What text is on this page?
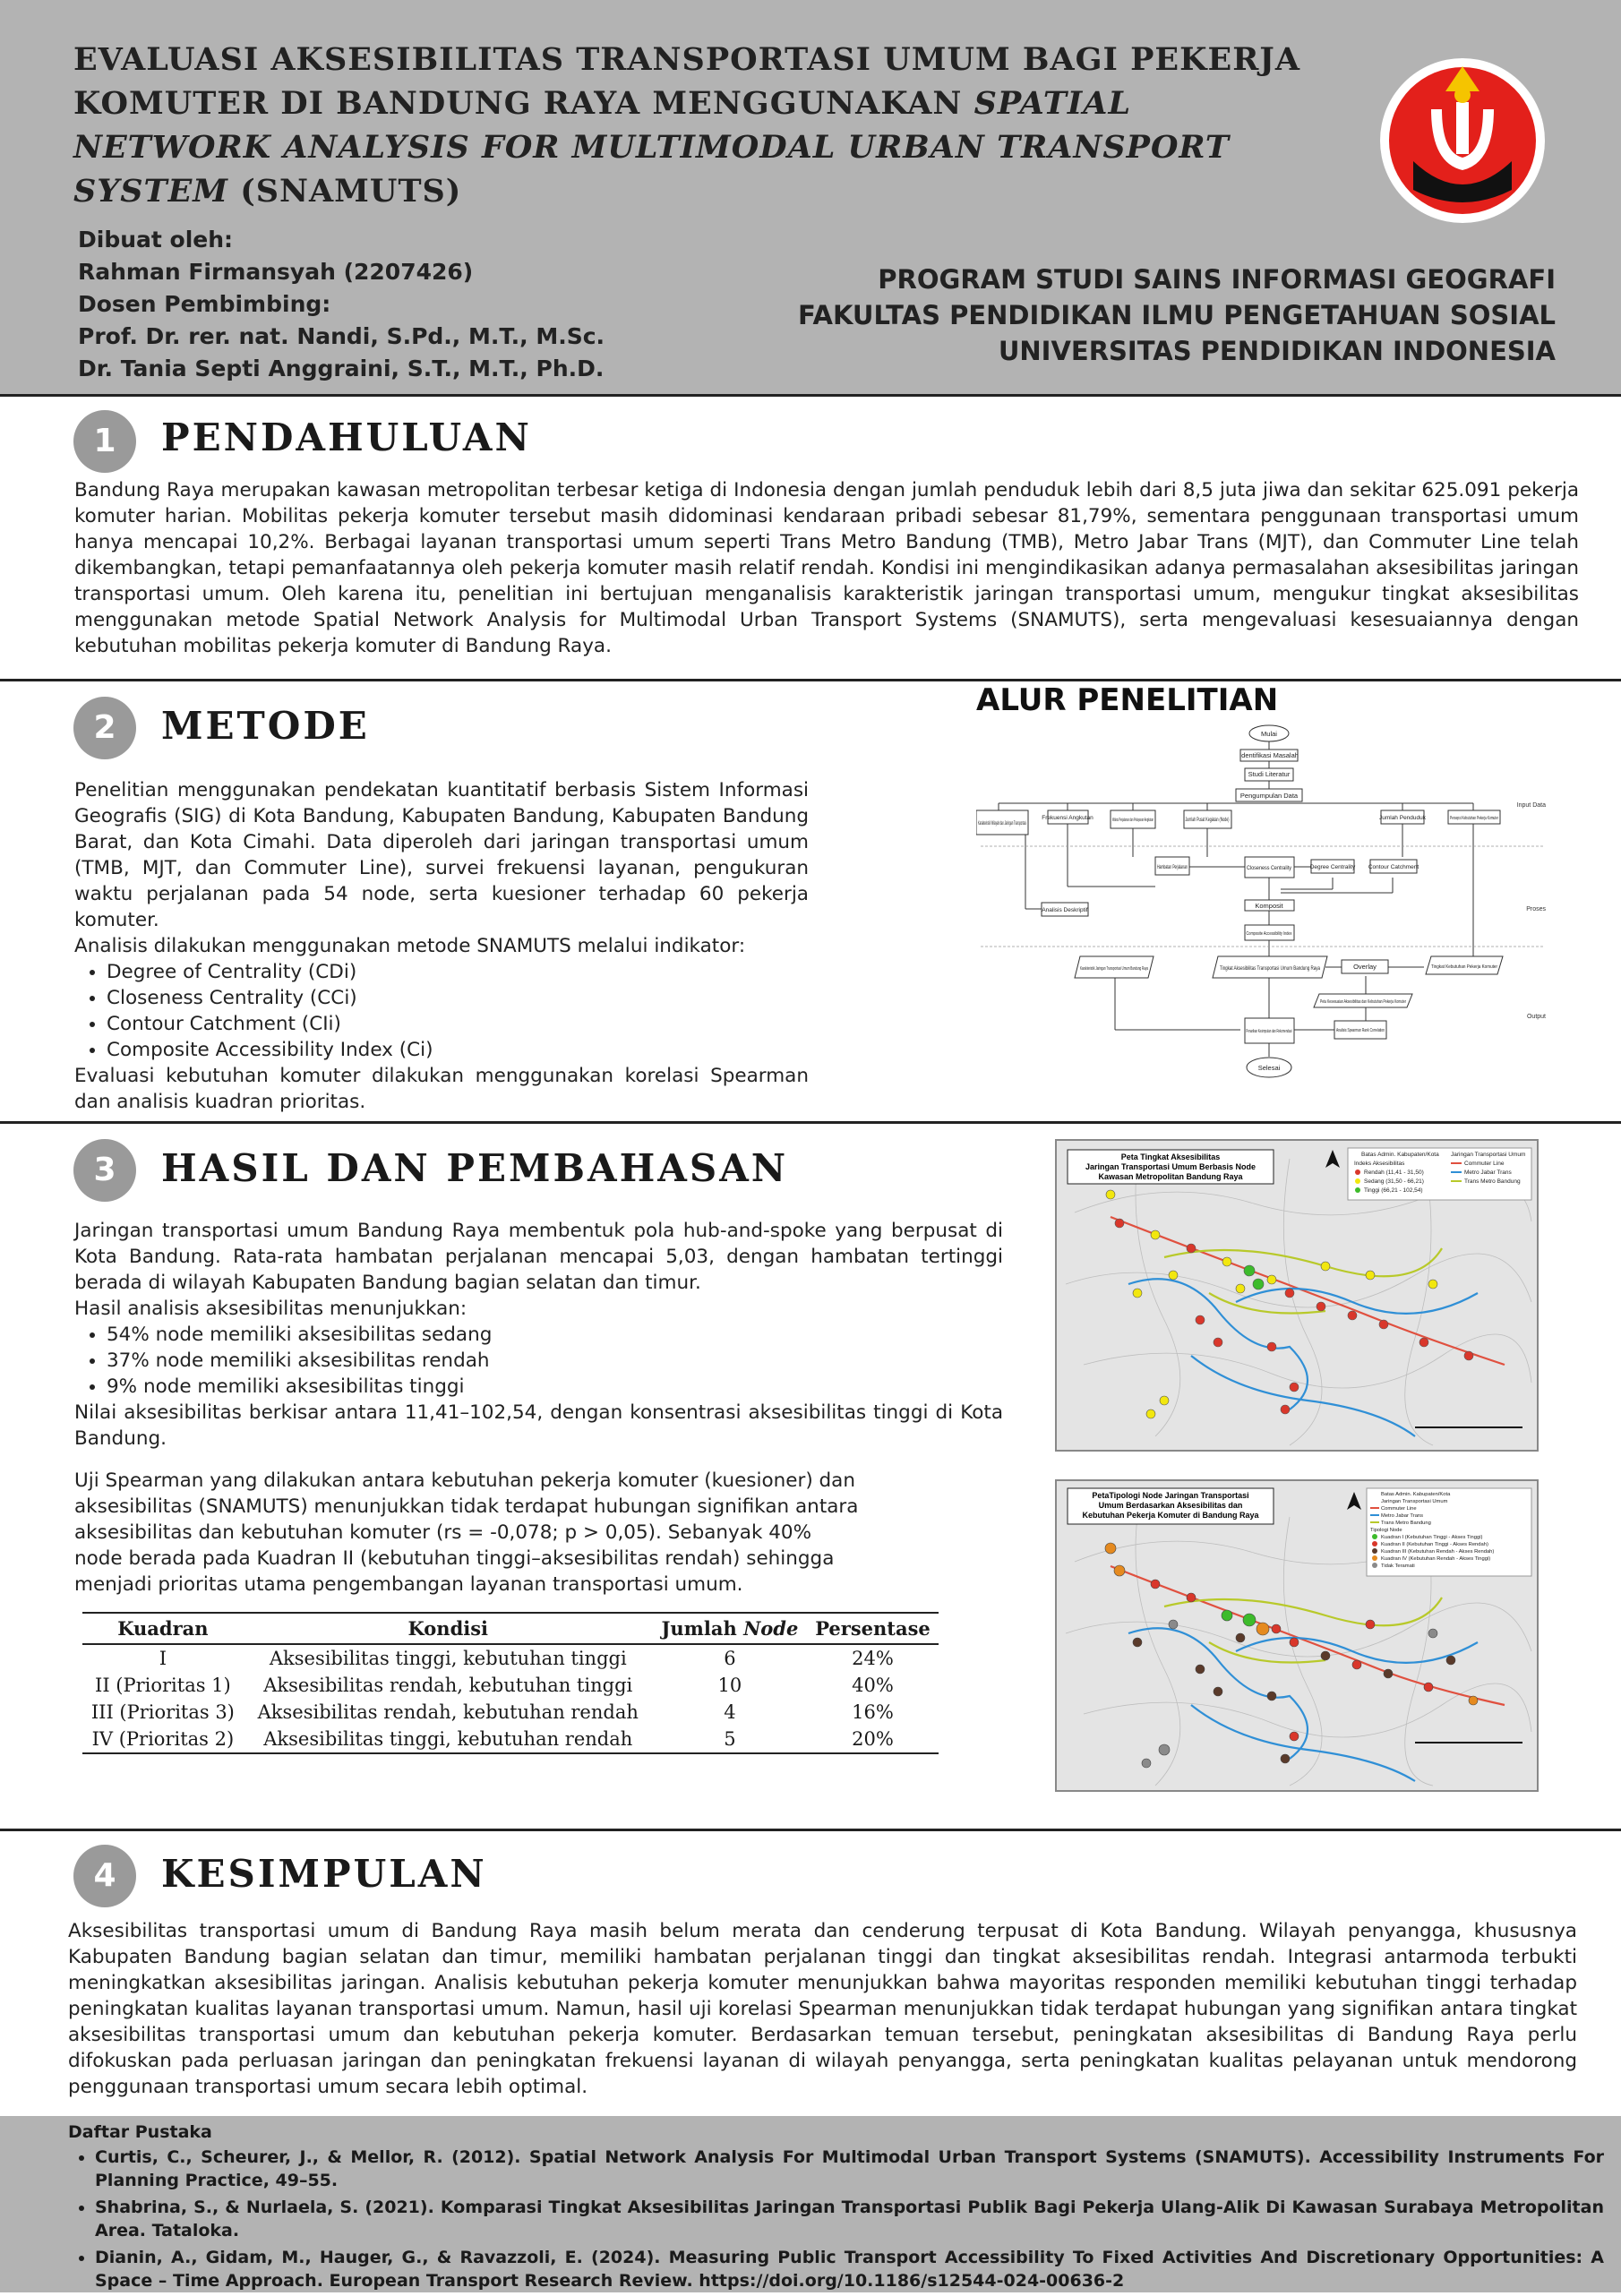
EVALUASI AKSESIBILITAS TRANSPORTASI UMUM BAGI PEKERJA KOMUTER DI BANDUNG RAYA MENGGUNAKAN SPATIAL NETWORK ANALYSIS FOR MULTIMODAL URBAN TRANSPORT SYSTEM (SNAMUTS)
Dibuat oleh:
Rahman Firmansyah (2207426)
Dosen Pembimbing:
Prof. Dr. rer. nat. Nandi, S.Pd., M.T., M.Sc.
Dr. Tania Septi Anggraini, S.T., M.T., Ph.D.
PROGRAM STUDI SAINS INFORMASI GEOGRAFI
FAKULTAS PENDIDIKAN ILMU PENGETAHUAN SOSIAL
UNIVERSITAS PENDIDIKAN INDONESIA
1	PENDAHULUAN
Bandung Raya merupakan kawasan metropolitan terbesar ketiga di Indonesia dengan jumlah penduduk lebih dari 8,5 juta jiwa dan sekitar 625.091 pekerja komuter harian. Mobilitas pekerja komuter tersebut masih didominasi kendaraan pribadi sebesar 81,79%, sementara penggunaan transportasi umum hanya mencapai 10,2%. Berbagai layanan transportasi umum seperti Trans Metro Bandung (TMB), Metro Jabar Trans (MJT), dan Commuter Line telah dikembangkan, tetapi pemanfaatannya oleh pekerja komuter masih relatif rendah. Kondisi ini mengindikasikan adanya permasalahan aksesibilitas jaringan transportasi umum. Oleh karena itu, penelitian ini bertujuan menganalisis karakteristik jaringan transportasi umum, mengukur tingkat aksesibilitas menggunakan metode Spatial Network Analysis for Multimodal Urban Transport Systems (SNAMUTS), serta mengevaluasi kesesuaiannya dengan kebutuhan mobilitas pekerja komuter di Bandung Raya.
2	METODE

Penelitian menggunakan pendekatan kuantitatif berbasis Sistem Informasi Geografis (SIG) di Kota Bandung, Kabupaten Bandung, Kabupaten Bandung Barat, dan Kota Cimahi. Data diperoleh dari jaringan transportasi umum (TMB, MJT, dan Commuter Line), survei frekuensi layanan, pengukuran waktu perjalanan pada 54 node, serta kuesioner terhadap 60 pekerja komuter.

Analisis dilakukan menggunakan metode SNAMUTS melalui indikator:

• Degree of Centrality (CDi)
• Closeness Centrality (CCi)
• Contour Catchment (CIi)
• Composite Accessibility Index (Ci)

Evaluasi kebutuhan komuter dilakukan menggunakan korelasi Spearman dan analisis kuadran prioritas.

ALUR PENELITIAN
Mulai
Identifikasi Masalah
Studi Literatur
Pengumpulan Data
Karakteristik Wilayah dan Jaringan Transportasi
Frekuensi Angkutan	Waktu Perjalanan dan Pelayanan Angkutan	Jumlah Pusat Kegiatan (Node)	Jumlah Penduduk	Persepsi Kebutuhan Pekerja Komuter
Hambatan Perjalanan	Closeness Centrality	Degree Centrality Contour Catchment
Komposit
Composite Accessibility Index
Analisis Deskriptif
Karakteristik Jaringan Transportasi Umum Bandung Raya	Tingkat Aksesibilitas Transportasi Umum Bandung Raya	Overlay	Tingkat Kebutuhan Pekerja Komuter
Peta Kesesuaian Aksesibilitas dan Kebutuhan Pekerja Komuter
Penarikan Kesimpulan dan Rekomendasi	Analisis Spearman Rank Correlation
Selesai
Input Data
Proses
Output
3	HASIL DAN PEMBAHASAN

Jaringan transportasi umum Bandung Raya membentuk pola hub-and-spoke yang berpusat di Kota Bandung. Rata-rata hambatan perjalanan mencapai 5,03, dengan hambatan tertinggi berada di wilayah Kabupaten Bandung bagian selatan dan timur.

Hasil analisis aksesibilitas menunjukkan:

• 54% node memiliki aksesibilitas sedang
• 37% node memiliki aksesibilitas rendah
• 9% node memiliki aksesibilitas tinggi

Nilai aksesibilitas berkisar antara 11,41–102,54, dengan konsentrasi aksesibilitas tinggi di Kota Bandung.

Uji Spearman yang dilakukan antara kebutuhan pekerja komuter (kuesioner) dan aksesibilitas (SNAMUTS) menunjukkan tidak terdapat hubungan signifikan antara aksesibilitas dan kebutuhan komuter (rs = -0,078; p > 0,05). Sebanyak 40% node berada pada Kuadran II (kebutuhan tinggi–aksesibilitas rendah) sehingga menjadi prioritas utama pengembangan layanan transportasi umum.
Kuadran	Kondisi	Jumlah Node	Persentase
I	Aksesibilitas tinggi, kebutuhan tinggi	6	24%
II (Prioritas 1)	Aksesibilitas rendah, kebutuhan tinggi	10	40%
III (Prioritas 3)	Aksesibilitas rendah, kebutuhan rendah	4	16%
IV (Prioritas 2)	Aksesibilitas tinggi, kebutuhan rendah	5	20%
Peta Tingkat Aksesibilitas
Jaringan Transportasi Umum Berbasis Node
Kawasan Metropolitan Bandung Raya
Batas Admin. Kabupaten/Kota
Indeks Aksesibilitas
Rendah (11,41 - 31,50)
Sedang (31,50 - 66,21)
Tinggi (66,21 - 102,54)
Jaringan Transportasi Umum
Commuter Line
Metro Jabar Trans
Trans Metro Bandung
PetaTipologi Node Jaringan Transportasi
Umum Berdasarkan Aksesibilitas dan
Kebutuhan Pekerja Komuter di Bandung Raya
Batas Admin. Kabupaten/Kota
Jaringan Transportasi Umum
Commuter Line
Metro Jabar Trans
Trans Metro Bandung
Tipologi Node
Kuadran I (Kebutuhan Tinggi - Akses Tinggi)
Kuadran II (Kebutuhan Tinggi - Akses Rendah)
Kuadran III (Kebutuhan Rendah - Akses Rendah)
Kuadran IV (Kebutuhan Rendah - Akses Tinggi)
Tidak Teramati
4	KESIMPULAN
Aksesibilitas transportasi umum di Bandung Raya masih belum merata dan cenderung terpusat di Kota Bandung. Wilayah penyangga, khususnya Kabupaten Bandung bagian selatan dan timur, memiliki hambatan perjalanan tinggi dan tingkat aksesibilitas rendah. Integrasi antarmoda terbukti meningkatkan aksesibilitas jaringan. Analisis kebutuhan pekerja komuter menunjukkan bahwa mayoritas responden memiliki kebutuhan tinggi terhadap peningkatan kualitas layanan transportasi umum. Namun, hasil uji korelasi Spearman menunjukkan tidak terdapat hubungan yang signifikan antara tingkat aksesibilitas transportasi umum dan kebutuhan pekerja komuter. Berdasarkan temuan tersebut, peningkatan aksesibilitas di Bandung Raya perlu difokuskan pada perluasan jaringan dan peningkatan frekuensi layanan di wilayah penyangga, serta peningkatan kualitas pelayanan untuk mendorong penggunaan transportasi umum secara lebih optimal.
Daftar Pustaka
• Curtis, C., Scheurer, J., & Mellor, R. (2012). Spatial Network Analysis For Multimodal Urban Transport Systems (SNAMUTS). Accessibility Instruments For Planning Practice, 49–55.
• Shabrina, S., & Nurlaela, S. (2021). Komparasi Tingkat Aksesibilitas Jaringan Transportasi Publik Bagi Pekerja Ulang-Alik Di Kawasan Surabaya Metropolitan Area. Tataloka.
• Dianin, A., Gidam, M., Hauger, G., & Ravazzoli, E. (2024). Measuring Public Transport Accessibility To Fixed Activities And Discretionary Opportunities: A Space – Time Approach. European Transport Research Review. https://doi.org/10.1186/s12544-024-00636-2
